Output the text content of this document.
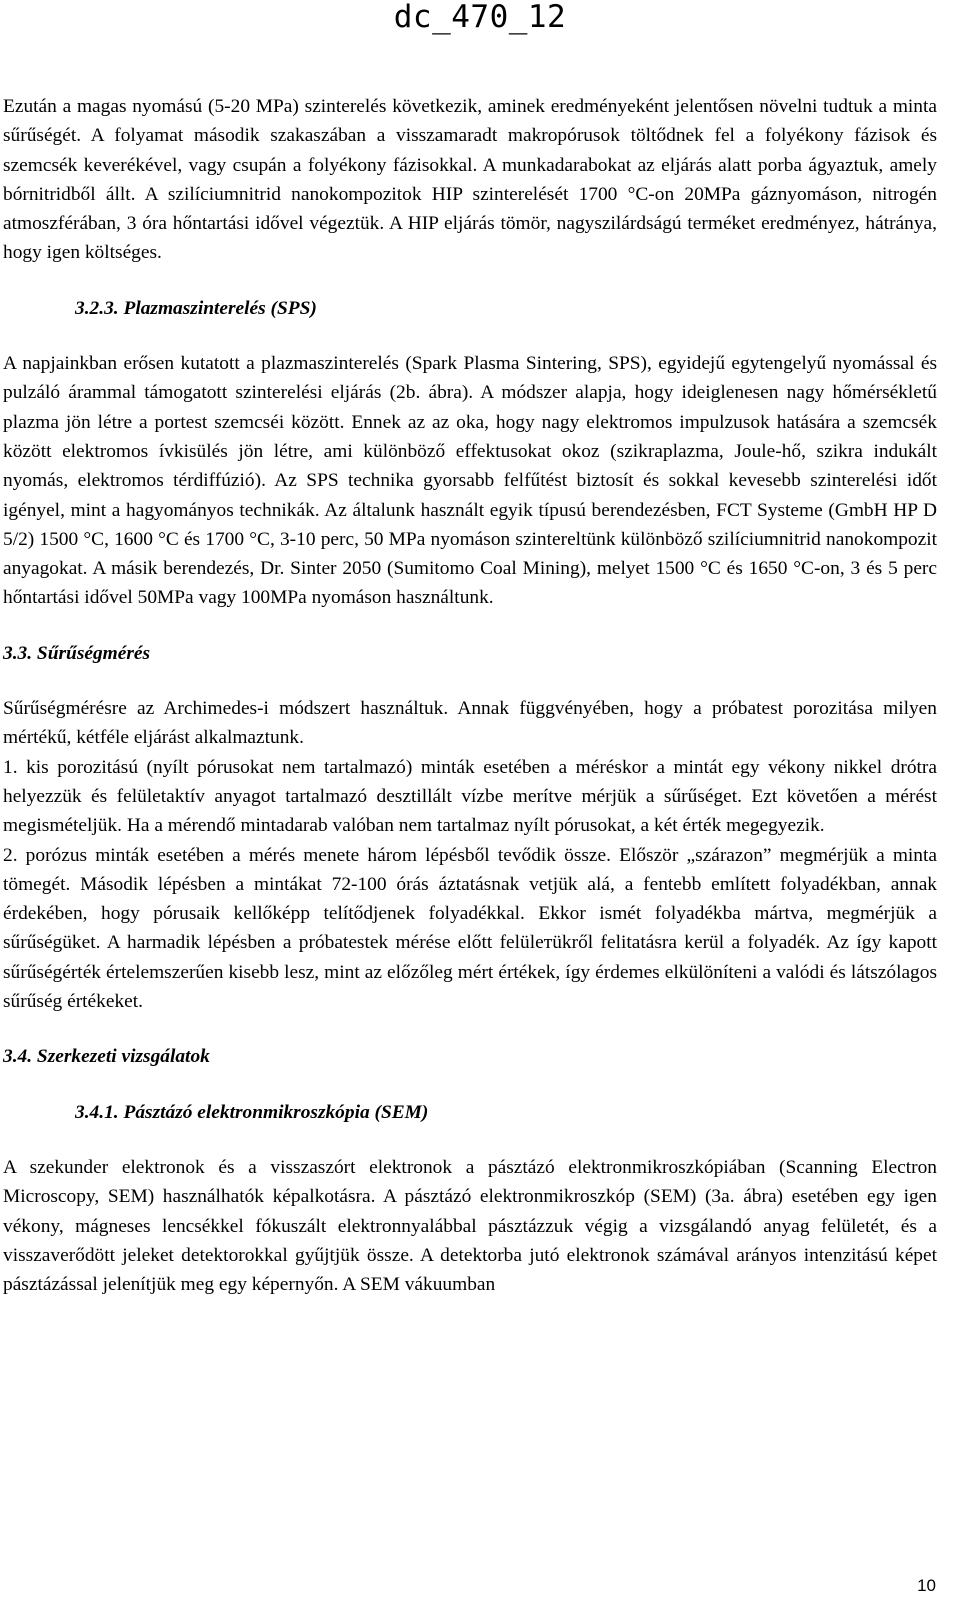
dc_470_12

Ezután a magas nyomású (5-20 MPa) szinterelés következik, aminek eredményeként jelentősen növelni tudtuk a minta sűrűségét. A folyamat második szakaszában a visszamaradt makropórusok töltődnek fel a folyékony fázisok és szemcsék keverékével, vagy csupán a folyékony fázisokkal. A munkadarabokat az eljárás alatt porba ágyaztuk, amely bórnitridből állt. A szilíciumnitrid nanokompozitok HIP szinterelését 1700 °C-on 20MPa gáznyomáson, nitrogén atmoszférában, 3 óra hőntartási idővel végeztük. A HIP eljárás tömör, nagyszilárdságú terméket eredményez, hátránya, hogy igen költséges.

3.2.3. Plazmaszinterelés (SPS)

A napjainkban erősen kutatott a plazmaszinterelés (Spark Plasma Sintering, SPS), egyidejű egytengelyű nyomással és pulzáló árammal támogatott szinterelési eljárás (2b. ábra). A módszer alapja, hogy ideiglenesen nagy hőmérsékletű plazma jön létre a portest szemcséi között. Ennek az az oka, hogy nagy elektromos impulzusok hatására a szemcsék között elektromos ívkisülés jön létre, ami különböző effektusokat okoz (szikraplazma, Joule-hő, szikra indukált nyomás, elektromos térdiffúzió). Az SPS technika gyorsabb felfűtést biztosít és sokkal kevesebb szinterelési időt igényel, mint a hagyományos technikák. Az általunk használt egyik típusú berendezésben, FCT Systeme (GmbH HP D 5/2) 1500 °C, 1600 °C és 1700 °C, 3-10 perc, 50 MPa nyomáson szintereltünk különböző szilíciumnitrid nanokompozit anyagokat. A másik berendezés, Dr. Sinter 2050 (Sumitomo Coal Mining), melyet 1500 °C és 1650 °C-on, 3 és 5 perc hőntartási idővel 50MPa vagy 100MPa nyomáson használtunk.

3.3. Sűrűségmérés

Sűrűségmérésre az Archimedes-i módszert használtuk. Annak függvényében, hogy a próbatest porozitása milyen mértékű, kétféle eljárást alkalmaztunk.

1. kis porozitású (nyílt pórusokat nem tartalmazó) minták esetében a méréskor a mintát egy vékony nikkel drótra helyezzük és felületaktív anyagot tartalmazó desztillált vízbe merítve mérjük a sűrűséget. Ezt követően a mérést megismételjük. Ha a mérendő mintadarab valóban nem tartalmaz nyílt pórusokat, a két érték megegyezik.

2. porózus minták esetében a mérés menete három lépésből tevődik össze. Először „szárazon” megmérjük a minta tömegét. Második lépésben a mintákat 72-100 órás áztatásnak vetjük alá, a fentebb említett folyadékban, annak érdekében, hogy pórusaik kellőképp telítődjenek folyadékkal. Ekkor ismét folyadékba mártva, megmérjük a sűrűségüket. A harmadik lépésben a próbatestek mérése előtt felülетükről felitatásra kerül a folyadék. Az így kapott sűrűségérték értelemszerűen kisebb lesz, mint az előzőleg mért értékek, így érdemes elkülöníteni a valódi és látszólagos sűrűség értékeket.

3.4. Szerkezeti vizsgálatok
3.4.1. Pásztázó elektronmikroszkópia (SEM)

A szekunder elektronok és a visszaszórt elektronok a pásztázó elektronmikroszkópiában (Scanning Electron Microscopy, SEM) használhatók képalkotásra. A pásztázó elektronmikroszkóp (SEM) (3a. ábra) esetében egy igen vékony, mágneses lencsékkel fókuszált elektronnyalábbal pásztázzuk végig a vizsgálandó anyag felületét, és a visszaverődött jeleket detektorokkal gyűjtjük össze. A detektorba jutó elektronok számával arányos intenzitású képet pásztázással jelenítjük meg egy képernyőn. A SEM vákuumban

10
